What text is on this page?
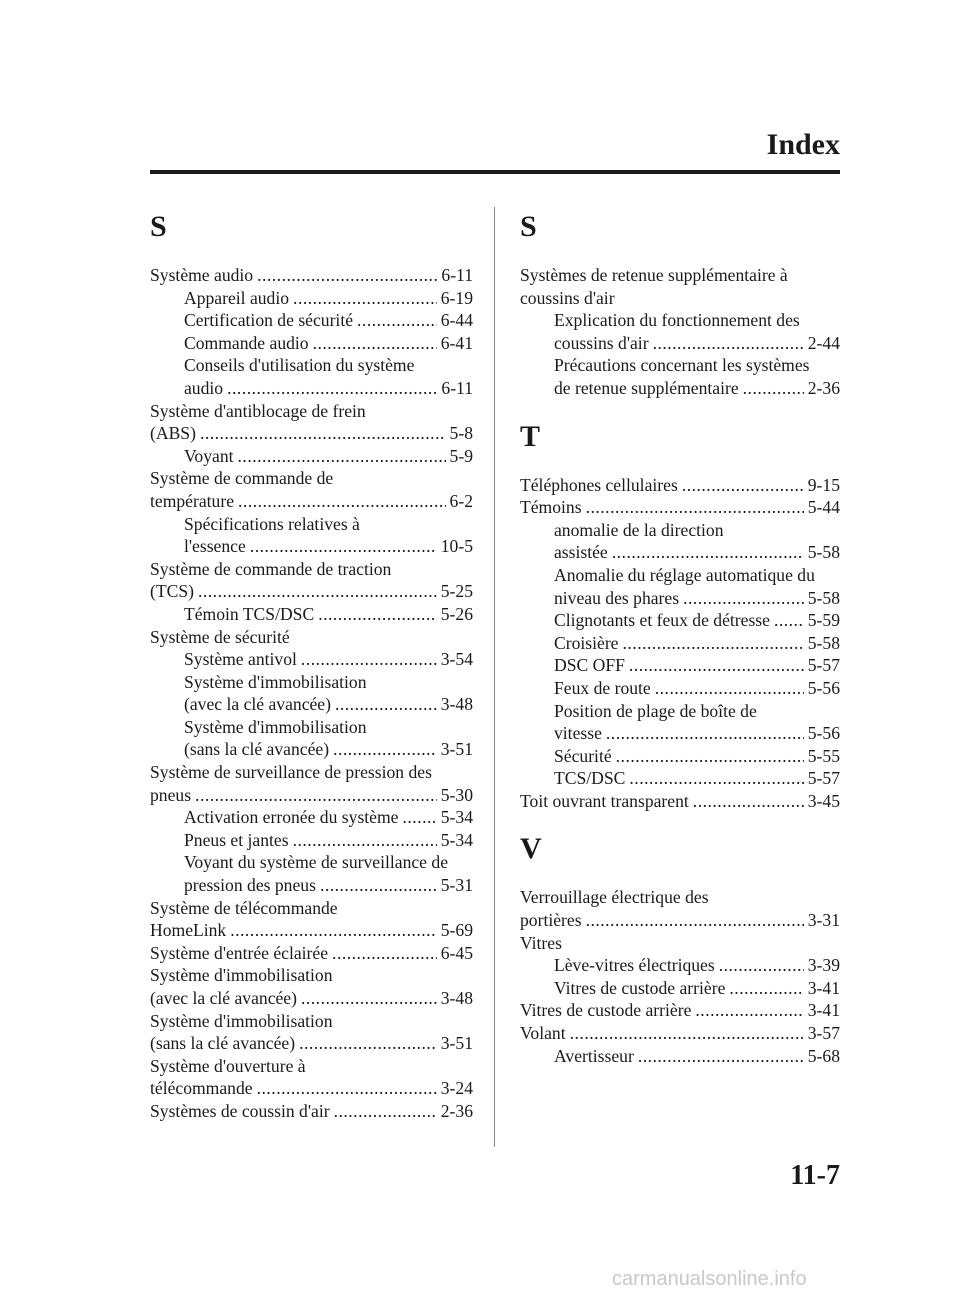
Index
S
Système audio .....	6-11
Appareil audio .....	6-19
Certification de sécurité .....	6-44
Commande audio .....	6-41
Conseils d'utilisation du système
audio .....	6-11
Système d'antiblocage de frein
(ABS) .....	5-8
Voyant .....	5-9
Système de commande de
température .....	6-2
Spécifications relatives à
l'essence .....	10-5
Système de commande de traction
(TCS) .....	5-25
Témoin TCS/DSC .....	5-26
Système de sécurité
Système antivol .....	3-54
Système d'immobilisation
(avec la clé avancée) .....	3-48
Système d'immobilisation
(sans la clé avancée) .....	3-51
Système de surveillance de pression des
pneus .....	5-30
Activation erronée du système ..... 5-34
Pneus et jantes .....	5-34
Voyant du système de surveillance de
pression des pneus .....	5-31
Système de télécommande
HomeLink .....	5-69
Système d'entrée éclairée .....	6-45
Système d'immobilisation
(avec la clé avancée) .....	3-48
Système d'immobilisation
(sans la clé avancée) .....	3-51
Système d'ouverture à
télécommande .....	3-24
Systèmes de coussin d'air .....	2-36
S
Systèmes de retenue supplémentaire à
coussins d'air
Explication du fonctionnement des
coussins d'air .....	2-44
Précautions concernant les systèmes
de retenue supplémentaire .....	2-36
T
Téléphones cellulaires .....	9-15
Témoins .....	5-44
anomalie de la direction
assistée .....	5-58
Anomalie du réglage automatique du
niveau des phares .....	5-58
Clignotants et feux de détresse ..... 5-59
Croisière .....	5-58
DSC OFF .....	5-57
Feux de route .....	5-56
Position de plage de boîte de
vitesse .....	5-56
Sécurité .....	5-55
TCS/DSC .....	5-57
Toit ouvrant transparent .....	3-45
V
Verrouillage électrique des
portières .....	3-31
Vitres
Lève-vitres électriques .....	3-39
Vitres de custode arrière .....	3-41
Vitres de custode arrière .....	3-41
Volant .....	3-57
Avertisseur .....	5-68
11-7
carmanualsonline.info
